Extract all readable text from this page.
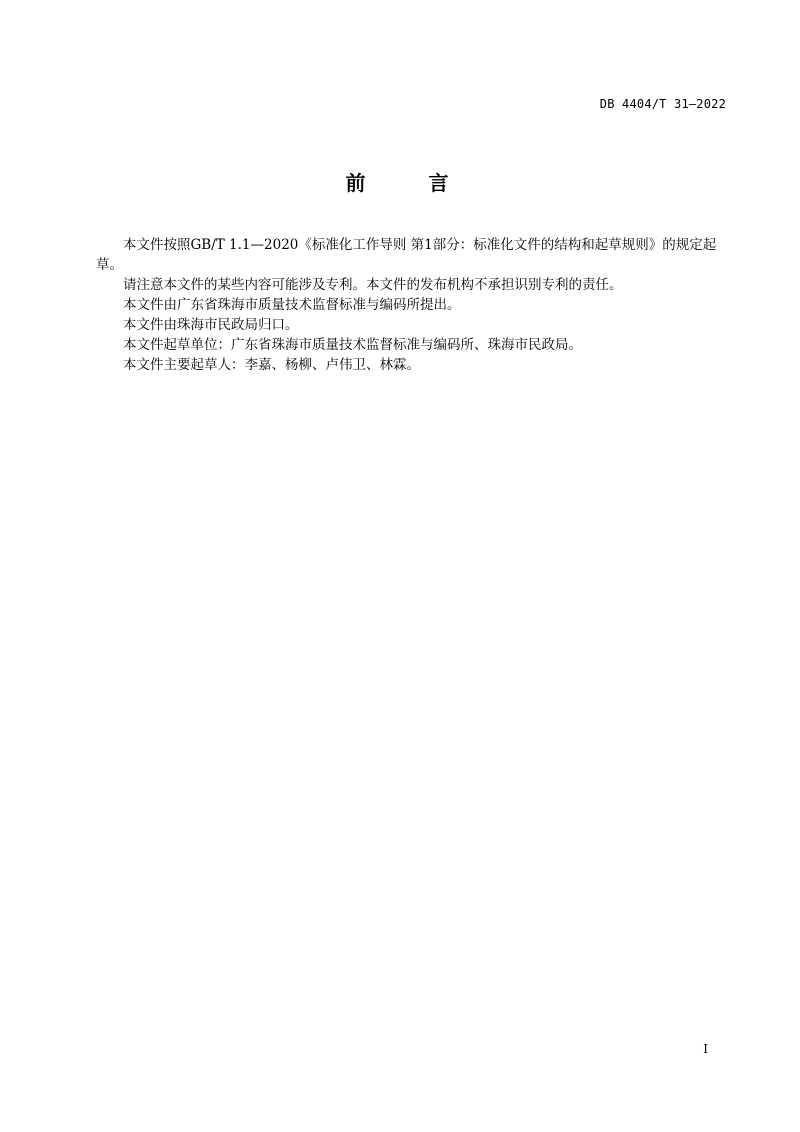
DB 4404/T 31—2022
前 言

本文件按照GB/T 1.1—2020《标准化工作导则 第1部分：标准化文件的结构和起草规则》的规定起草。

请注意本文件的某些内容可能涉及专利。本文件的发布机构不承担识别专利的责任。

本文件由广东省珠海市质量技术监督标准与编码所提出。

本文件由珠海市民政局归口。

本文件起草单位：广东省珠海市质量技术监督标准与编码所、珠海市民政局。

本文件主要起草人：李嘉、杨柳、卢伟卫、林霖。

I
